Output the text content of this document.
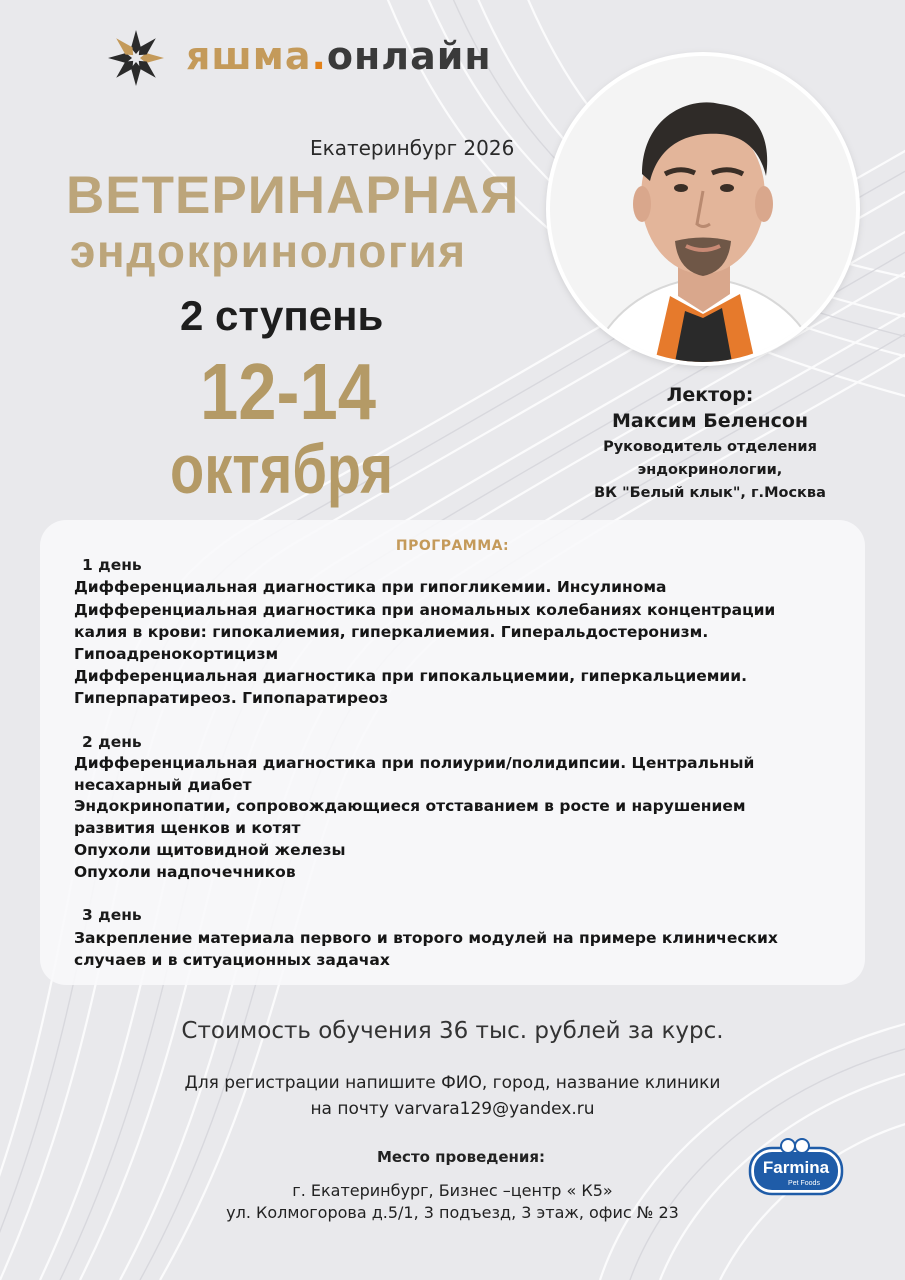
яшма.онлайн
Екатеринбург 2026
ВЕТЕРИНАРНАЯ
эндокринология
2 ступень
12-14
октября
Лектор:
Максим Беленсон
Руководитель отделения
эндокринологии,
ВК "Белый клык", г.Москва
ПРОГРАММА:
1 день
Дифференциальная диагностика при гипогликемии. Инсулинома
Дифференциальная диагностика при аномальных колебаниях концентрации
калия в крови: гипокалиемия, гиперкалиемия. Гиперальдостеронизм.
Гипоадренокортицизм
Дифференциальная диагностика при гипокальциемии, гиперкальциемии.
Гиперпаратиреоз. Гипопаратиреоз
2 день
Дифференциальная диагностика при полиурии/полидипсии. Центральный
несахарный диабет
Эндокринопатии, сопровождающиеся отставанием в росте и нарушением
развития щенков и котят
Опухоли щитовидной железы
Опухоли надпочечников
3 день
Закрепление материала первого и второго модулей на примере клинических
случаев и в ситуационных задачах
Стоимость обучения 36 тыс. рублей за курс.
Для регистрации напишите ФИО, город, название клиники
на почту varvara129@yandex.ru
Место проведения:
г. Екатеринбург, Бизнес –центр « К5»
ул. Колмогорова д.5/1, 3 подъезд, 3 этаж, офис № 23
Farmina
Pet Foods
